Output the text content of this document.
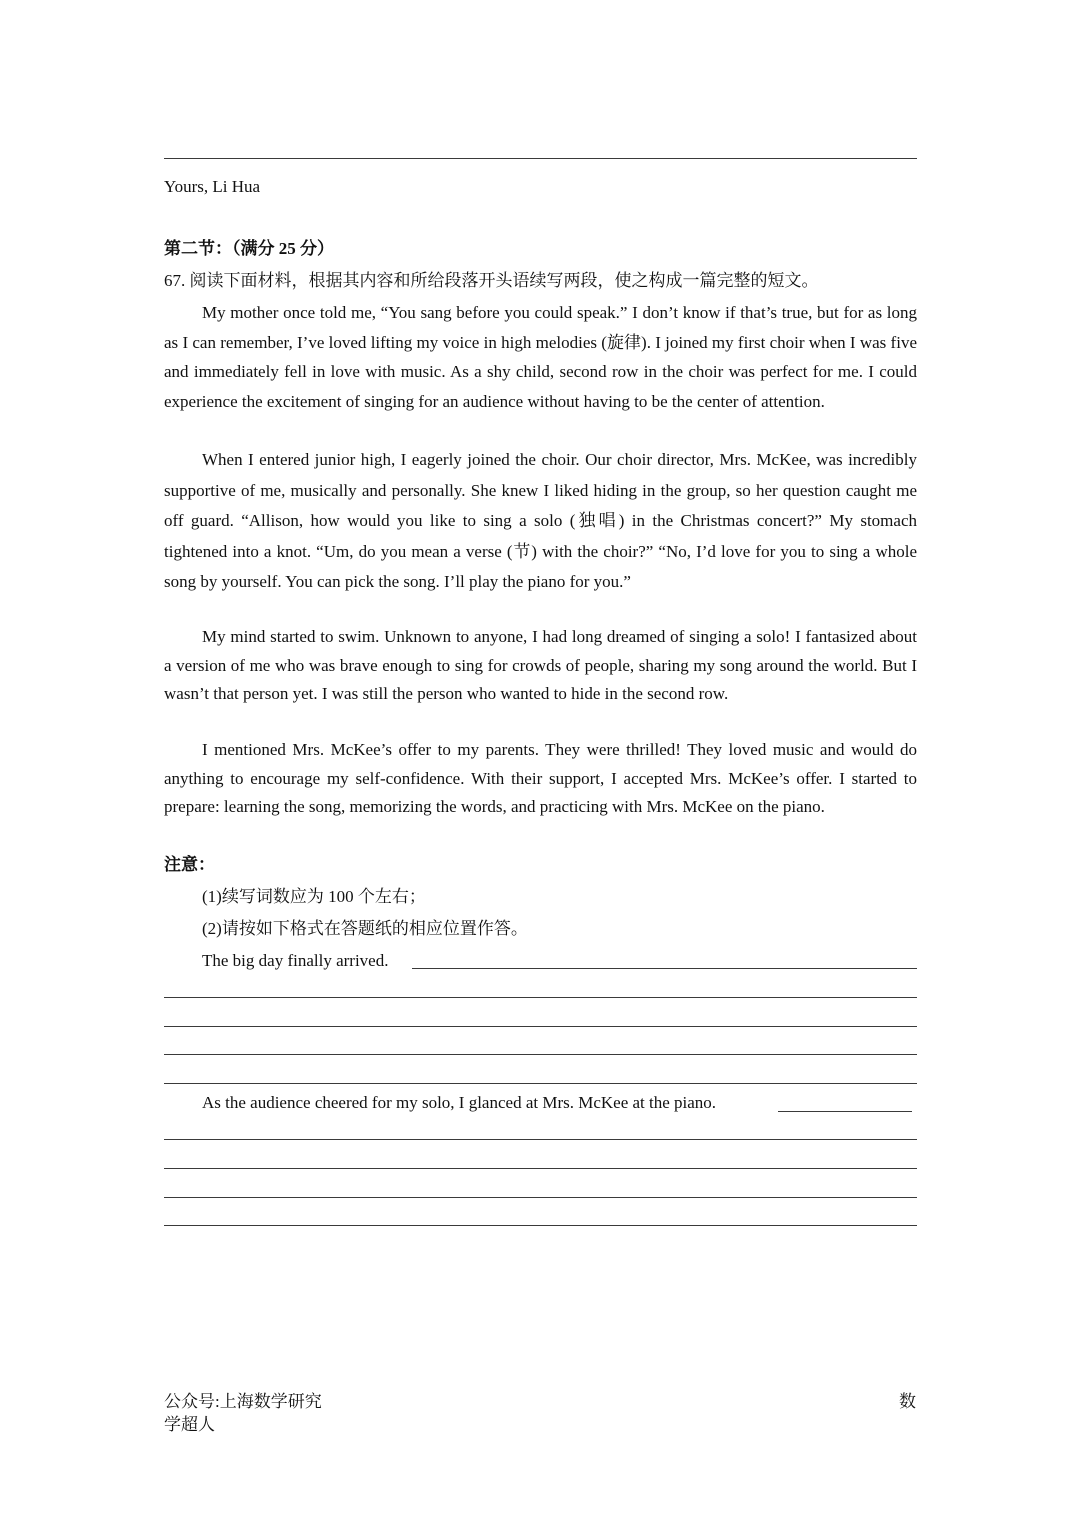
Yours, Li Hua
第二节：（满分 25 分）
67. 阅读下面材料，根据其内容和所给段落开头语续写两段，使之构成一篇完整的短文。

My mother once told me, “You sang before you could speak.” I don’t know if that’s true, but for as long as I can remember, I’ve loved lifting my voice in high melodies (旋律). I joined my first choir when I was five and immediately fell in love with music. As a shy child, second row in the choir was perfect for me. I could experience the excitement of singing for an audience without having to be the center of attention.

When I entered junior high, I eagerly joined the choir. Our choir director, Mrs. McKee, was incredibly supportive of me, musically and personally. She knew I liked hiding in the group, so her question caught me off guard. “Allison, how would you like to sing a solo (独唱) in the Christmas concert?” My stomach tightened into a knot. “Um, do you mean a verse (节) with the choir?” “No, I’d love for you to sing a whole song by yourself. You can pick the song. I’ll play the piano for you.”

My mind started to swim. Unknown to anyone, I had long dreamed of singing a solo! I fantasized about a version of me who was brave enough to sing for crowds of people, sharing my song around the world. But I wasn’t that person yet. I was still the person who wanted to hide in the second row.

I mentioned Mrs. McKee’s offer to my parents. They were thrilled! They loved music and would do anything to encourage my self-confidence. With their support, I accepted Mrs. McKee’s offer. I started to prepare: learning the song, memorizing the words, and practicing with Mrs. McKee on the piano.

注意：
(1)续写词数应为 100 个左右；
(2)请按如下格式在答题纸的相应位置作答。
The big day finally arrived.
As the audience cheered for my solo, I glanced at Mrs. McKee at the piano.
公众号:上海数学研究
学超人
数
